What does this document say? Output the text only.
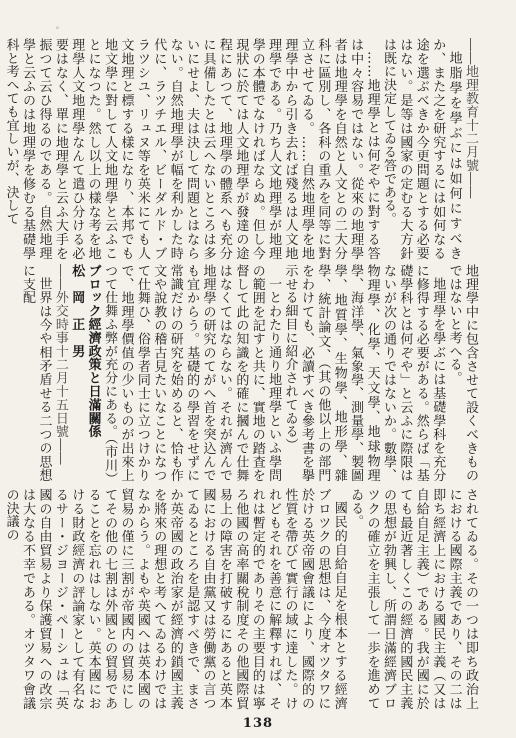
。

――地理教育十二月號――

地脂學を學ぶには如何にすべきか、また之を研究するには如何なる途を選ぶべきか今更問題とする必要はない。是等は國家の定むる大方針は既に決定してゐる答である。

……地理學とは何ぞやに對する答は中々容易ではない。從來の地理學者は地理學を自然と人文との二大分科に區別し、各科の重みを同等に對立させてゐる。……自然地理學を地理學中から引き去れば殘るは人文地理學である。乃ち人文地理學が地理學の本體でなければならぬ。但し今現狀に於ては人文地理學が發達の途程にあつて、地理學の體系へも充分に具備したとは云へないところは多いにせよ、夫は決して問題とはならない。自然地理學が幅を利かした時代に、ラツチエル、ビーダルド・ブラツシユ、リュヌ等を英米にても人文地理と標する樣になり、本邦でも地文學に對して人文地理學と云ふことになつた。然し以上の樣な考を地理學人文地理學なんて遣ひ分ける必要はなく、單に地理學と云ふ大手を振つて云ひ得るのである。自然地理學と云ふのは地理學を修むる基礎學科と考へても宜しいが、決して

地理學中に包含させて設くべきものではないと考へる。

地理學を學ぶには基礎學科を充分に修得する必要がある。然らば「基礎學科とは何ぞや」と云ふに際限はないが次の通りではないか。數學、物理學、化學、天文學、地球物理學、海洋學、氣象學、測量學、製圖學、地質學、生物學、地形學、雜學、統計論文、（其の他以上の部門をわけても、必讀すべき參考書を擧示せる細目に紹介されてゐる）

一とわたり通り地理學といふ學問の範囲を記すと共に、實地の踏査を督して此の知識を的確に摑んで仕舞はなくてはならない。それが濟んで地理學の研究のてがへ首を突込んでも宜からう。基礎的の學習をせずに常識だけの研究を始めると、恰も作文や說教の稽古見たいなことになつて仕舞ひ、俗學者同士に立つけかりで、地理學價值の少いものが出來上つて仕舞ふ弊が充分にある。（市川）

ブロック經濟政策と日滿關係

松　岡　正　男

――外交時事十二月十五日號――

世界は今や相矛盾せる二つの思想に支配

されてゐる。その一つは即ち政治上における國際主義であり、その二は即ち經濟上における國民主義（又は自給自足主義）である。我が國に於ても最近著しくこの經濟的國民主義の思想が勃興し、所謂日滿經濟ブロツクの確立を主張して一歩を進めてゐる。

國民的自給自足を根本とする經濟ブロツクの思想は、今度オツタワに於ける英帝國會議により、國際的の性質を帶びて實行の域に達した。けれどもそれを善意に解釋すれば、それは暫定的でありその主要目的は寧ろ他國の高率關稅制度その他國際貿易上の障害を打破するにあると英本國における自由黨又は勞働黨の言つてゐるところを是認すべきで、まさか英帝國の政治家が經濟的鎖國主義を將來の理想と考へてゐるわけではなからう。よもや英國へは英本國の貿易の僅に三割が帝國内の貿易にしてその他の七割は外國との貿易であることを忘れはしない。英本國における財政經濟の評論家として有名なるサー・ジヨージ・ペーシュは「英國の自由貿易より保護貿易への改宗は大なる不幸である。オツタワ會議の決議の

138
